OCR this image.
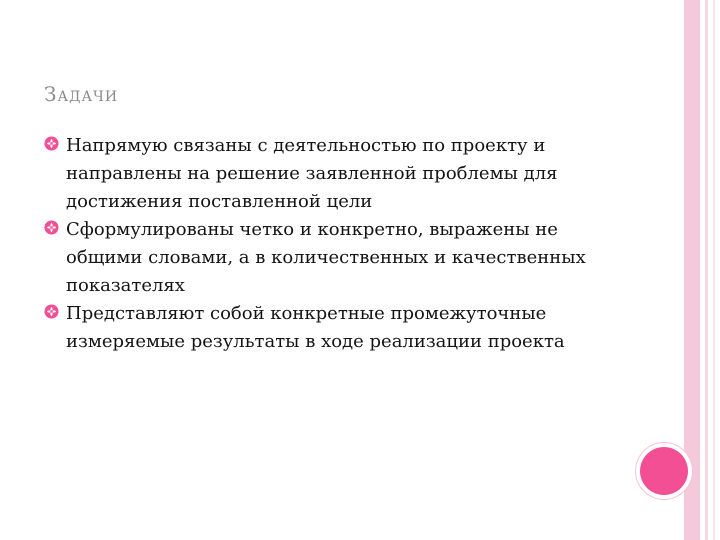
Задачи
Напрямую связаны с деятельностью по проекту и направлены на решение заявленной проблемы для достижения поставленной цели
Сформулированы четко и конкретно, выражены не общими словами, а в количественных и качественных показателях
Представляют собой конкретные промежуточные измеряемые результаты в ходе реализации проекта
